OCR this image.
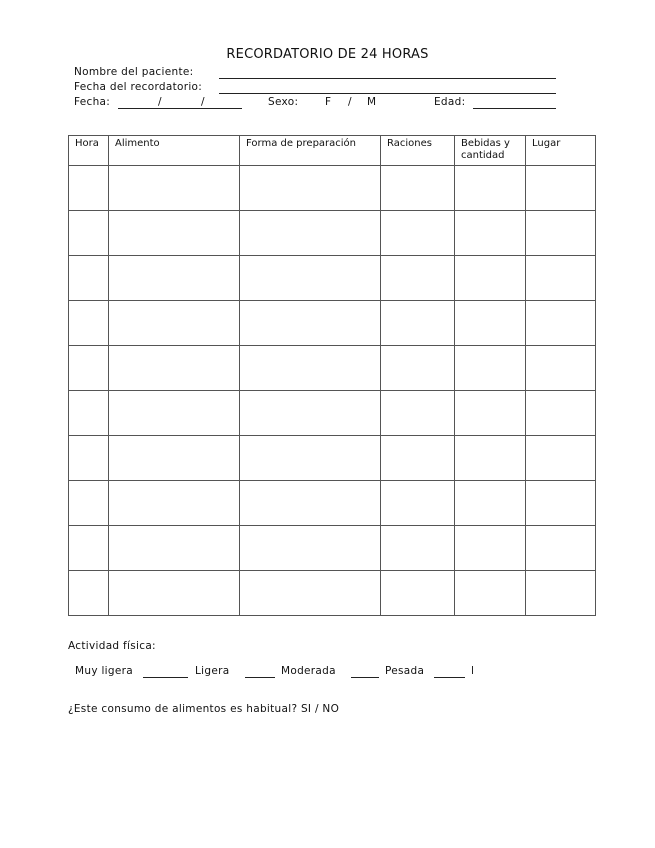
RECORDATORIO DE 24 HORAS
Nombre del paciente:
Fecha del recordatorio:
Fecha:	/	/	Sexo:	F / M	Edad:
Hora	Alimento	Forma de preparación	Raciones	Bebidas y cantidad	Lugar

Actividad física:
Muy ligera	Ligera	Moderada	Pesada	l
¿Este consumo de alimentos es habitual? SI / NO
